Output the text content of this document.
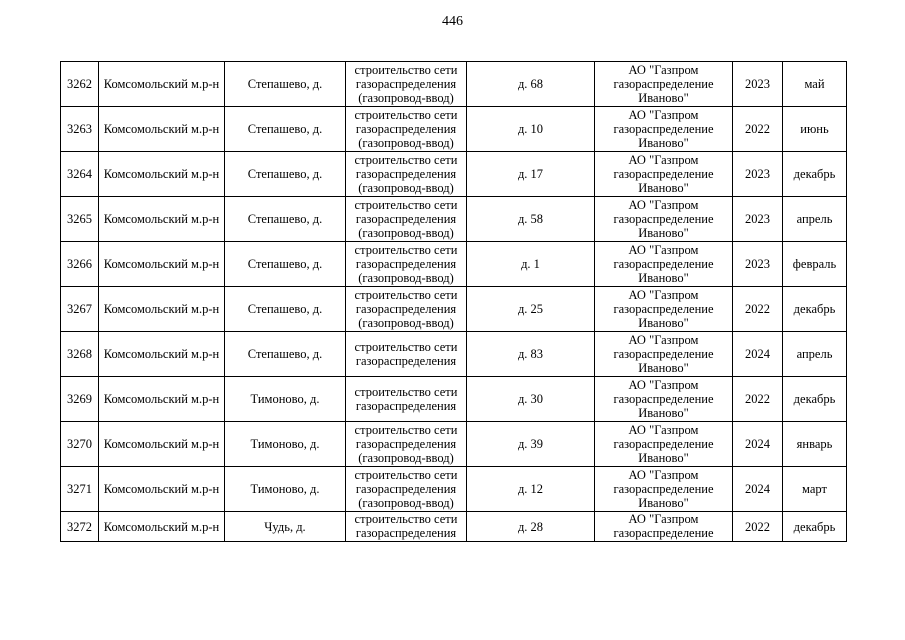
446
3262	Комсомольский м.р-н	Степашево, д.	строительство сети газораспределения (газопровод-ввод)	д. 68	АО "Газпром газораспределение Иваново"	2023	май
3263	Комсомольский м.р-н	Степашево, д.	строительство сети газораспределения (газопровод-ввод)	д. 10	АО "Газпром газораспределение Иваново"	2022	июнь
3264	Комсомольский м.р-н	Степашево, д.	строительство сети газораспределения (газопровод-ввод)	д. 17	АО "Газпром газораспределение Иваново"	2023	декабрь
3265	Комсомольский м.р-н	Степашево, д.	строительство сети газораспределения (газопровод-ввод)	д. 58	АО "Газпром газораспределение Иваново"	2023	апрель
3266	Комсомольский м.р-н	Степашево, д.	строительство сети газораспределения (газопровод-ввод)	д. 1	АО "Газпром газораспределение Иваново"	2023	февраль
3267	Комсомольский м.р-н	Степашево, д.	строительство сети газораспределения (газопровод-ввод)	д. 25	АО "Газпром газораспределение Иваново"	2022	декабрь
3268	Комсомольский м.р-н	Степашево, д.	строительство сети газораспределения	д. 83	АО "Газпром газораспределение Иваново"	2024	апрель
3269	Комсомольский м.р-н	Тимоново, д.	строительство сети газораспределения	д. 30	АО "Газпром газораспределение Иваново"	2022	декабрь
3270	Комсомольский м.р-н	Тимоново, д.	строительство сети газораспределения (газопровод-ввод)	д. 39	АО "Газпром газораспределение Иваново"	2024	январь
3271	Комсомольский м.р-н	Тимоново, д.	строительство сети газораспределения (газопровод-ввод)	д. 12	АО "Газпром газораспределение Иваново"	2024	март
3272	Комсомольский м.р-н	Чудь, д.	строительство сети газораспределения	д. 28	АО "Газпром газораспределение	2022	декабрь
